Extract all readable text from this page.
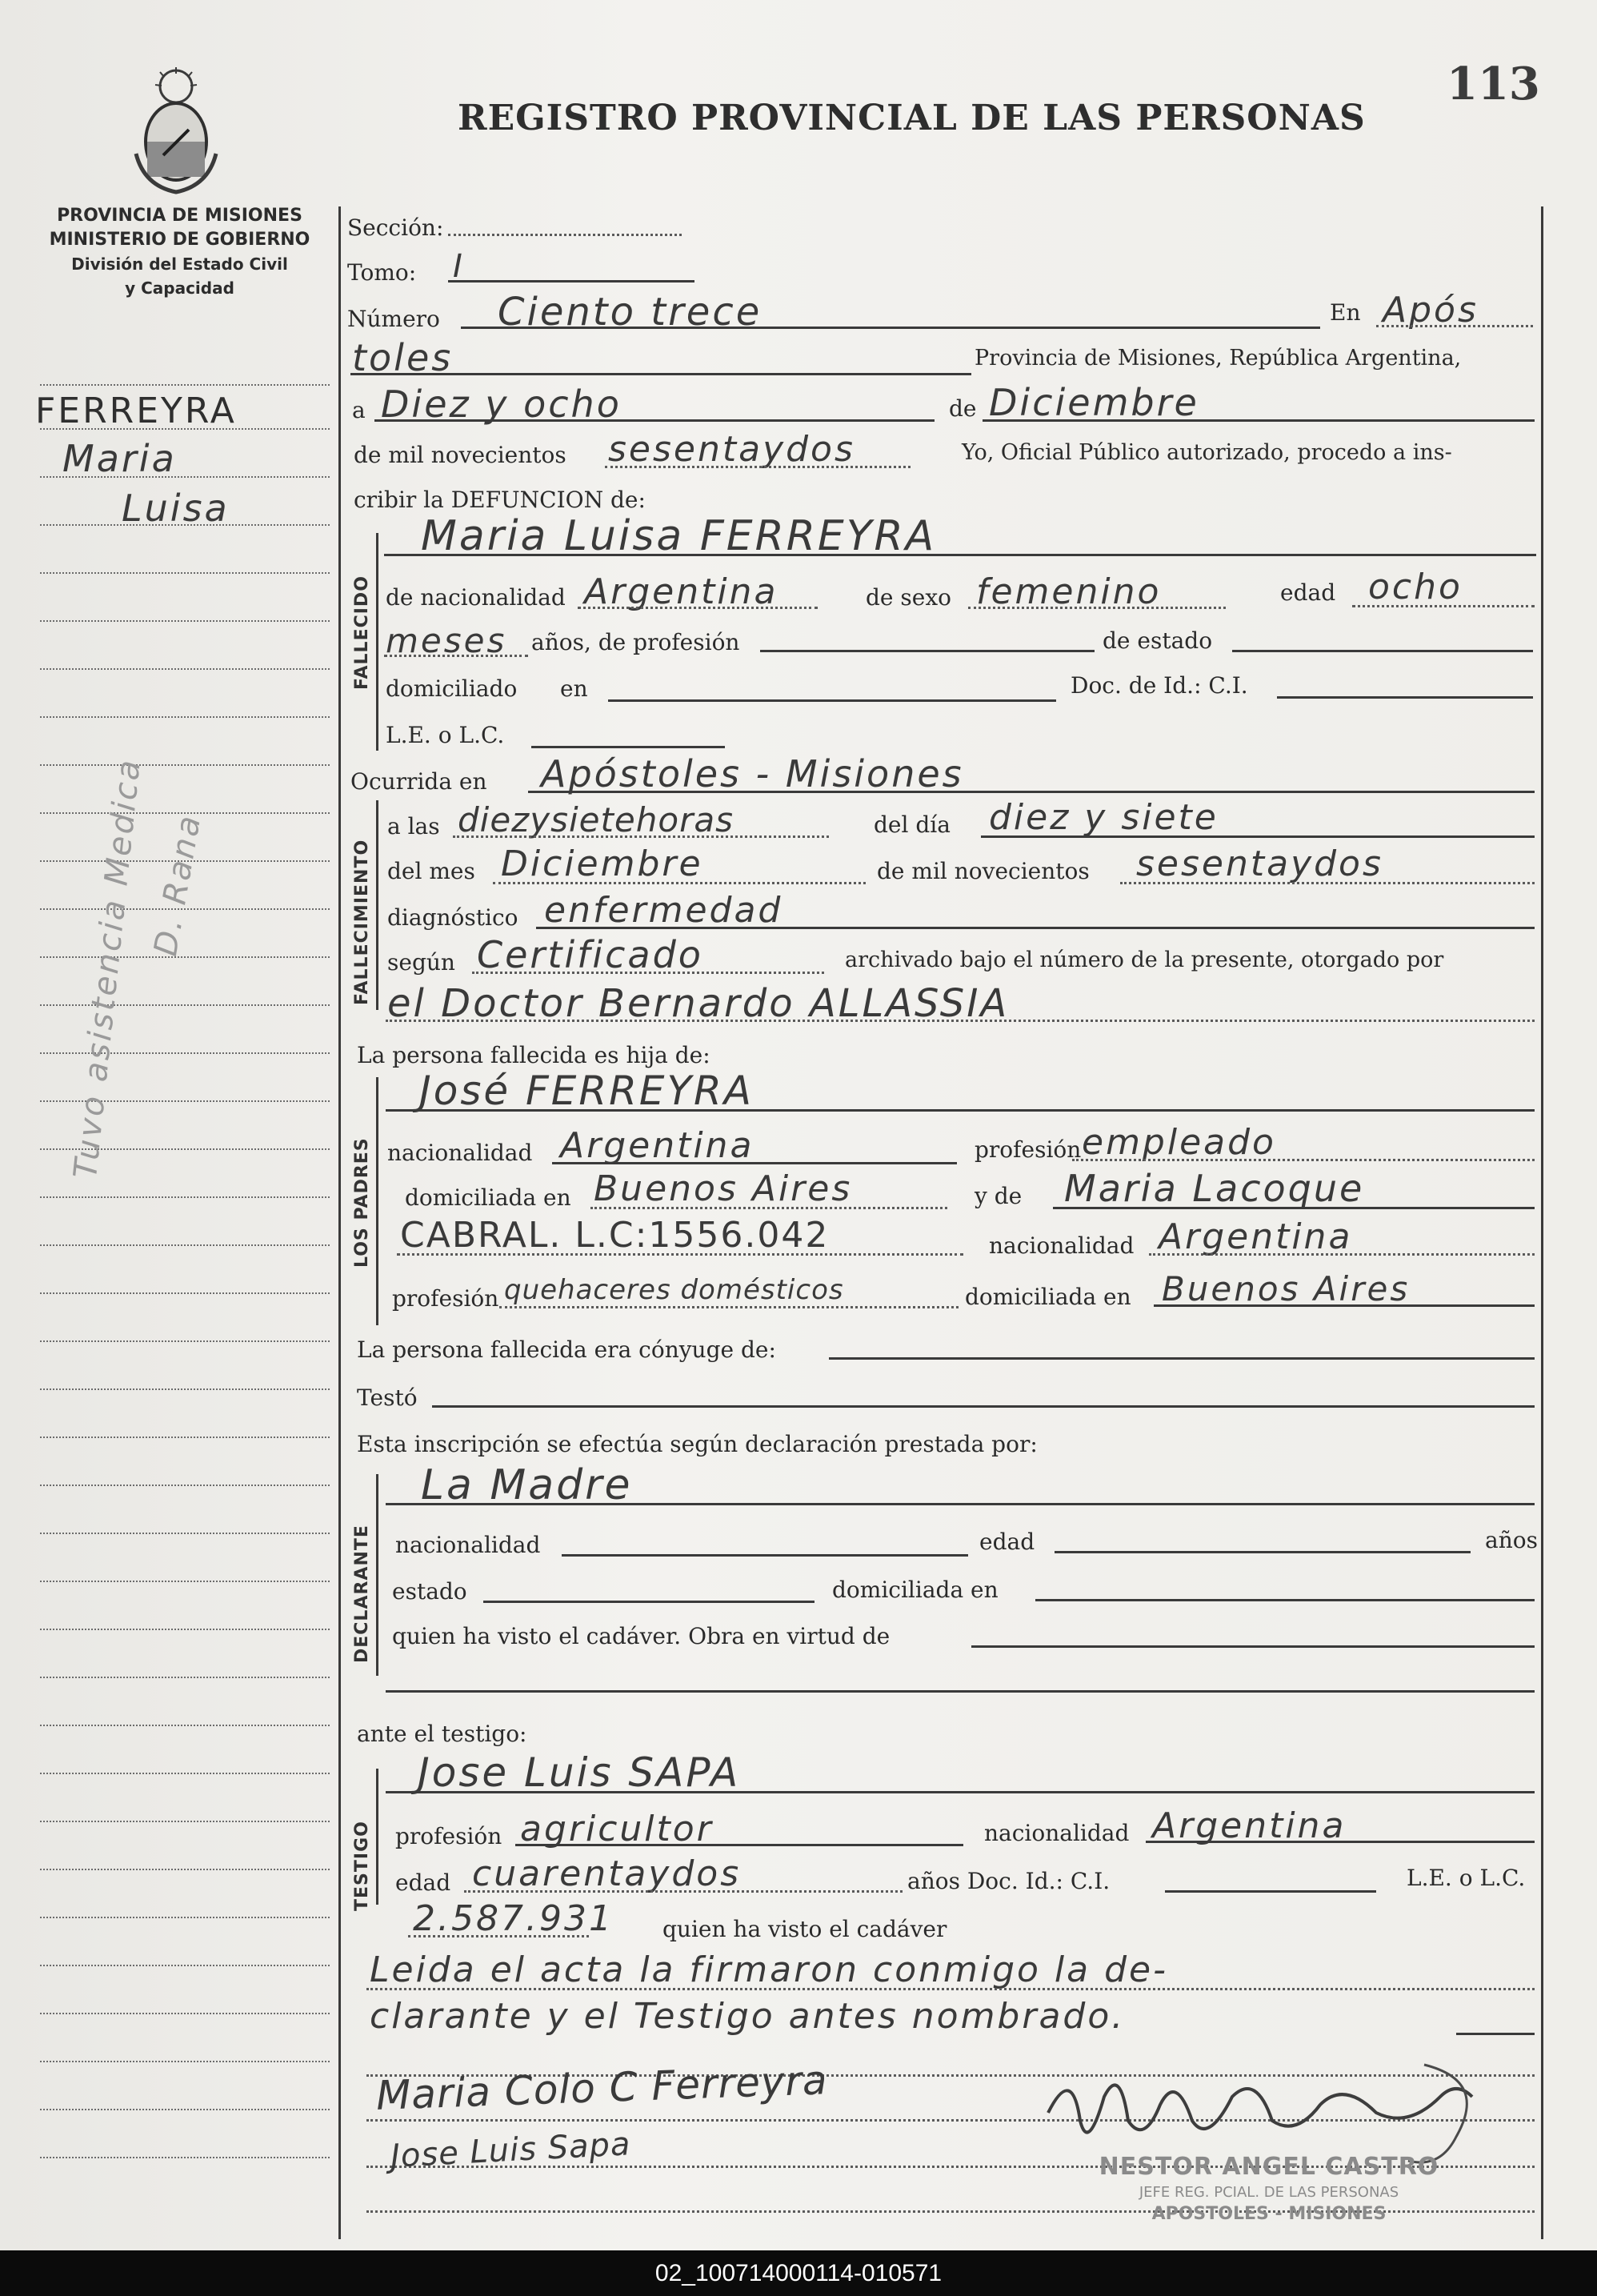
PROVINCIA DE MISIONES
MINISTERIO DE GOBIERNO
División del Estado Civil
y Capacidad
REGISTRO PROVINCIAL DE LAS PERSONAS
113
FERREYRA
Maria
Luisa
Tuvo asistencia Medica D. Rana
Sección:
Tomo: I
Número Ciento trece	En Após
toles	Provincia de Misiones, República Argentina,
a Diez y ocho	de Diciembre
de mil novecientos sesentaydos	Yo, Oficial Público autorizado, procedo a ins-
cribir la DEFUNCION de:
FALLECIDO
Maria Luisa FERREYRA
de nacionalidad Argentina	de sexo femenino	edad ocho
meses años, de profesión	de estado
domiciliado en	Doc. de Id.: C.I.
L.E. o L.C.
Ocurrida en Apóstoles - Misiones
FALLECIMIENTO
a las diezysietehoras	del día diez y siete
del mes Diciembre	de mil novecientos sesentaydos
diagnóstico enfermedad
según Certificado	archivado bajo el número de la presente, otorgado por
el Doctor Bernardo ALLASSIA
La persona fallecida es hija de:
LOS PADRES
José FERREYRA
nacionalidad Argentina	profesión empleado
domiciliada en Buenos Aires	y de Maria Lacoque
CABRAL. L.C:1556.042	nacionalidad Argentina
profesión quehaceres domésticos	domiciliada en Buenos Aires
La persona fallecida era cónyuge de:
Testó
Esta inscripción se efectúa según declaración prestada por:
DECLARANTE
La Madre
nacionalidad	edad	años
estado	domiciliada en
quien ha visto el cadáver. Obra en virtud de
ante el testigo:
TESTIGO
Jose Luis SAPA
profesión agricultor	nacionalidad Argentina
edad cuarentaydos	años Doc. Id.: C.I.	L.E. o L.C.
2.587.931 quien ha visto el cadáver
Leida el acta la firmaron conmigo la de-
clarante y el Testigo antes nombrado.
Maria Colo C Ferreyra
Jose Luis Sapa	NESTOR ANGEL CASTRO
JEFE REG. PCIAL. DE LAS PERSONAS
APOSTOLES - MISIONES
02_100714000114-010571
